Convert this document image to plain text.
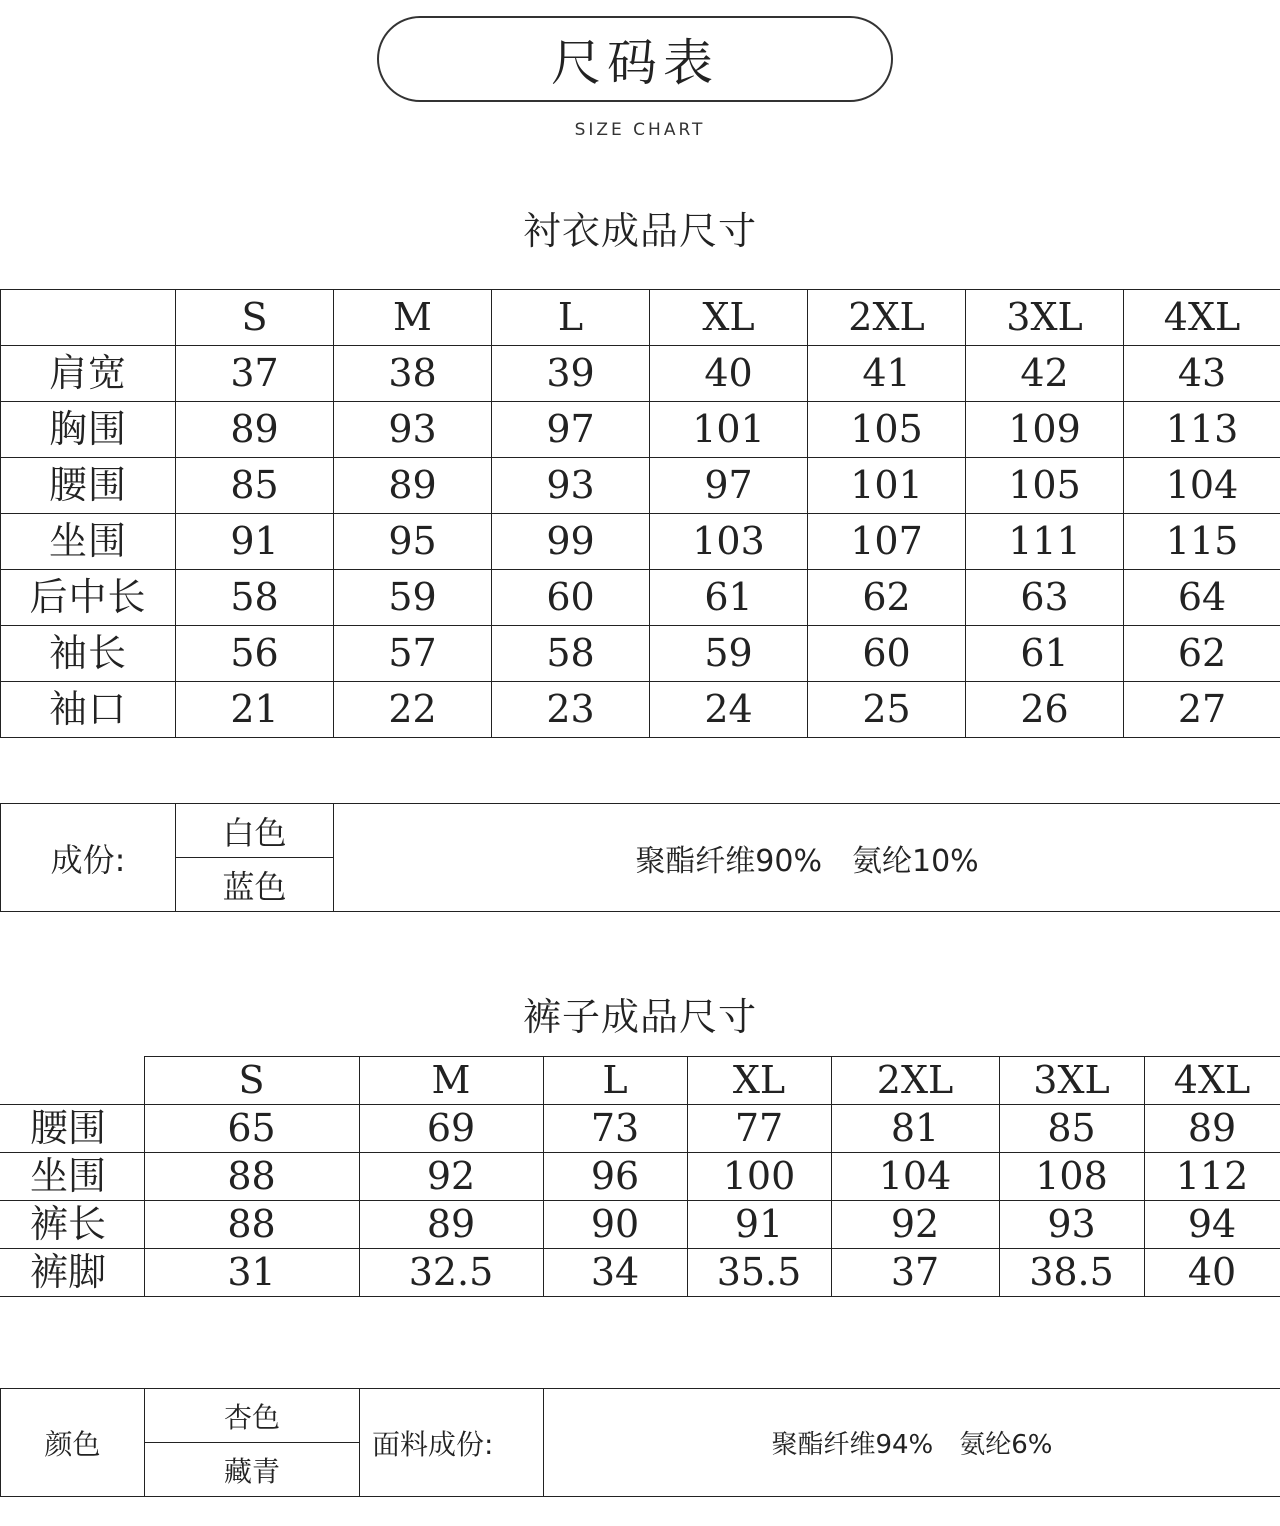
尺码表
SIZE CHART
衬衣成品尺寸
	S	M	L	XL	2XL	3XL	4XL
肩宽	37	38	39	40	41	42	43
胸围	89	93	97	101	105	109	113
腰围	85	89	93	97	101	105	104
坐围	91	95	99	103	107	111	115
后中长	58	59	60	61	62	63	64
袖长	56	57	58	59	60	61	62
袖口	21	22	23	24	25	26	27
成份:	白色	聚酯纤维90%　氨纶10%
蓝色
裤子成品尺寸
	S	M	L	XL	2XL	3XL	4XL
腰围	65	69	73	77	81	85	89
坐围	88	92	96	100	104	108	112
裤长	88	89	90	91	92	93	94
裤脚	31	32.5	34	35.5	37	38.5	40
颜色	杏色	面料成份:	聚酯纤维94%　氨纶6%
藏青
